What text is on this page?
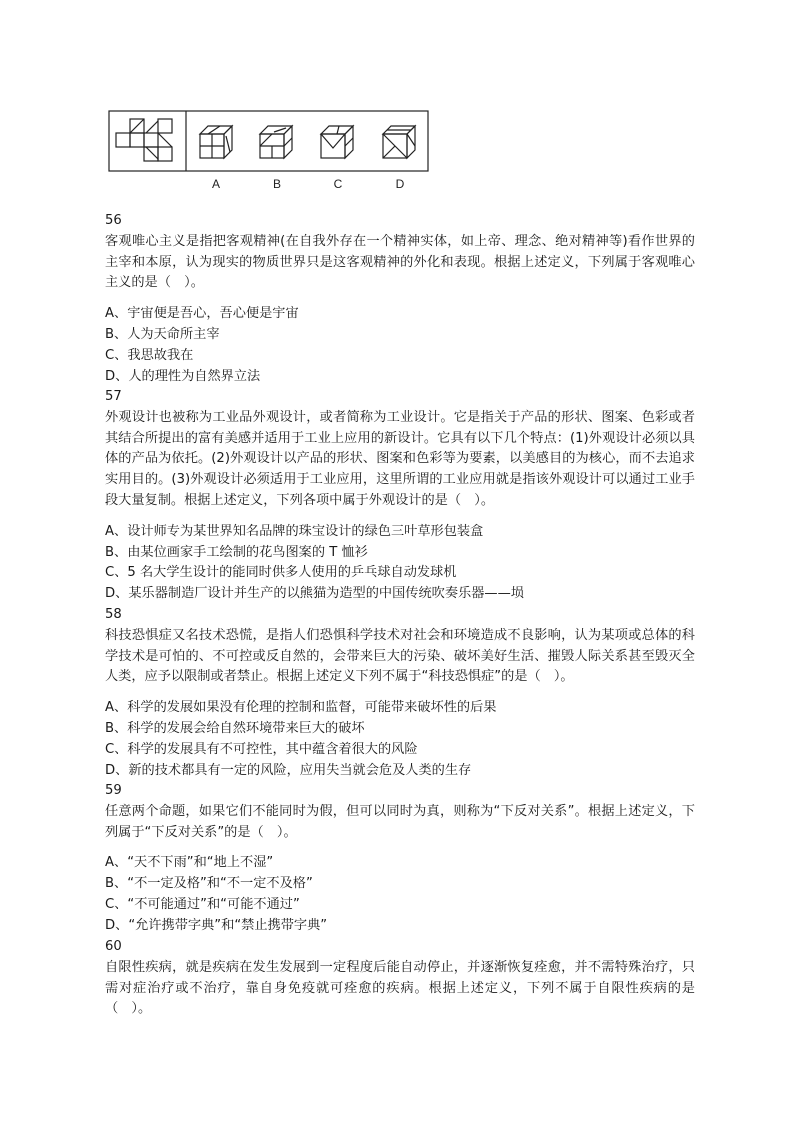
A	B	C	D
56
客观唯心主义是指把客观精神(在自我外存在一个精神实体，如上帝、理念、绝对精神等)看作世界的主宰和本原，认为现实的物质世界只是这客观精神的外化和表现。根据上述定义，下列属于客观唯心主义的是（　）。
A、宇宙便是吾心，吾心便是宇宙
B、人为天命所主宰
C、我思故我在
D、人的理性为自然界立法
57
外观设计也被称为工业品外观设计，或者简称为工业设计。它是指关于产品的形状、图案、色彩或者其结合所提出的富有美感并适用于工业上应用的新设计。它具有以下几个特点：(1)外观设计必须以具体的产品为依托。(2)外观设计以产品的形状、图案和色彩等为要素，以美感目的为核心，而不去追求实用目的。(3)外观设计必须适用于工业应用，这里所谓的工业应用就是指该外观设计可以通过工业手段大量复制。根据上述定义，下列各项中属于外观设计的是（　）。
A、设计师专为某世界知名品牌的珠宝设计的绿色三叶草形包装盒
B、由某位画家手工绘制的花鸟图案的 T 恤衫
C、5 名大学生设计的能同时供多人使用的乒乓球自动发球机
D、某乐器制造厂设计并生产的以熊猫为造型的中国传统吹奏乐器——埙
58
科技恐惧症又名技术恐慌，是指人们恐惧科学技术对社会和环境造成不良影响，认为某项或总体的科学技术是可怕的、不可控或反自然的，会带来巨大的污染、破坏美好生活、摧毁人际关系甚至毁灭全人类，应予以限制或者禁止。根据上述定义下列不属于“科技恐惧症”的是（　）。
A、科学的发展如果没有伦理的控制和监督，可能带来破坏性的后果
B、科学的发展会给自然环境带来巨大的破坏
C、科学的发展具有不可控性，其中蕴含着很大的风险
D、新的技术都具有一定的风险，应用失当就会危及人类的生存
59
任意两个命题，如果它们不能同时为假，但可以同时为真，则称为“下反对关系”。根据上述定义，下列属于“下反对关系”的是（　）。
A、“天不下雨”和“地上不湿”
B、“不一定及格”和“不一定不及格”
C、“不可能通过”和“可能不通过”
D、“允许携带字典”和“禁止携带字典”
60
自限性疾病，就是疾病在发生发展到一定程度后能自动停止，并逐渐恢复痊愈，并不需特殊治疗，只需对症治疗或不治疗，靠自身免疫就可痊愈的疾病。根据上述定义，下列不属于自限性疾病的是（　）。
